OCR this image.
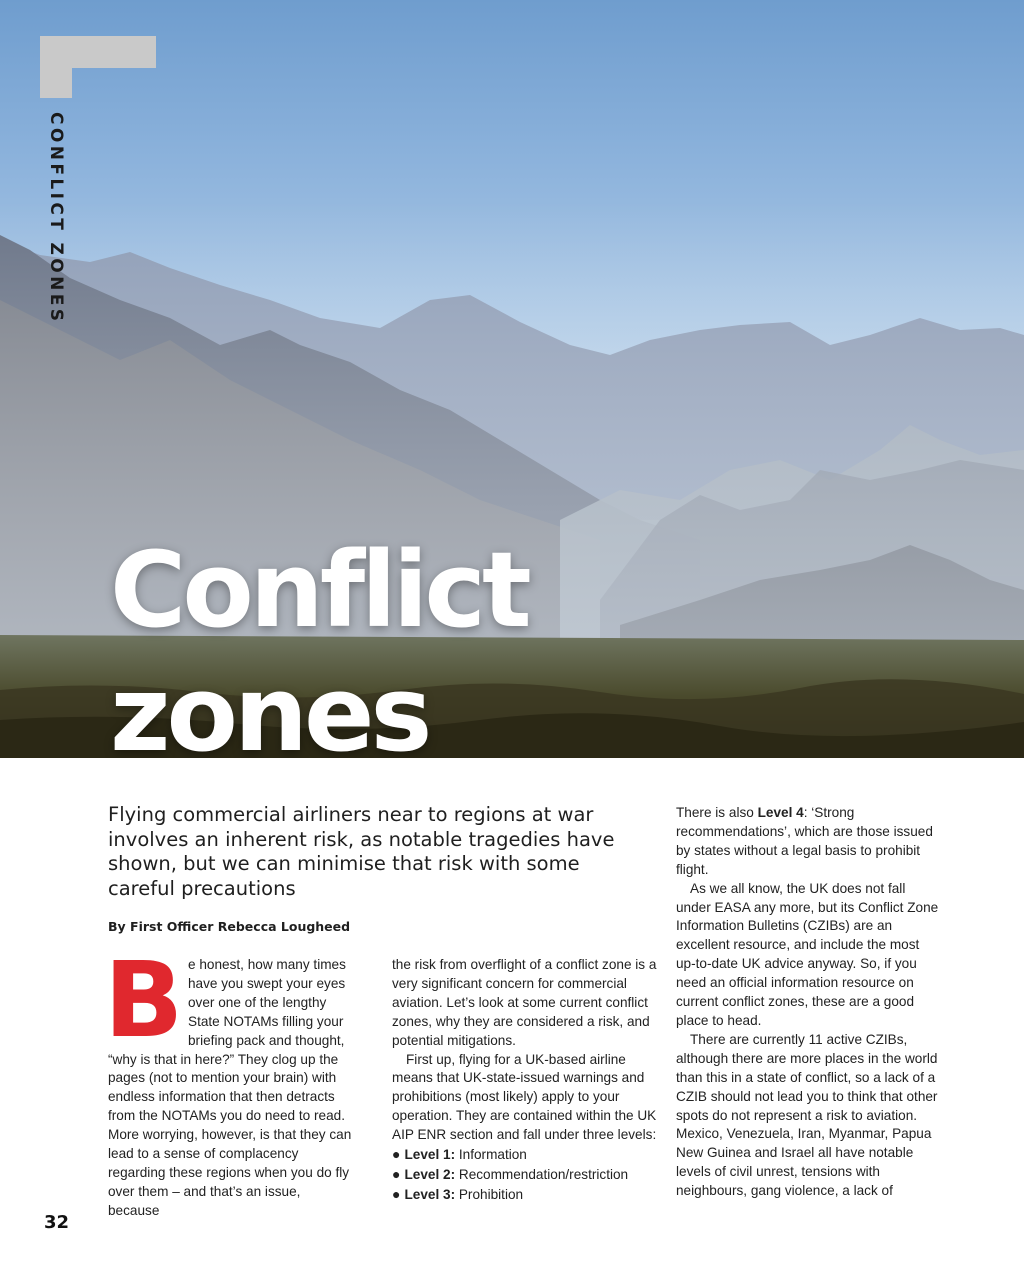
CONFLICT ZONES
Conflict
zones

Flying commercial airliners near to regions at war involves an inherent risk, as notable tragedies have shown, but we can minimise that risk with some careful precautions

By First Officer Rebecca Lougheed

B e honest, how many times have you swept your eyes over one of the lengthy State NOTAMs filling your briefing pack and thought, “why is that in here?” They clog up the pages (not to mention your brain) with endless information that then detracts from the NOTAMs you do need to read. More worrying, however, is that they can lead to a sense of complacency regarding these regions when you do fly over them – and that’s an issue, because

the risk from overflight of a conflict zone is a very significant concern for commercial aviation. Let’s look at some current conflict zones, why they are considered a risk, and potential mitigations.

First up, flying for a UK-based airline means that UK-state-issued warnings and prohibitions (most likely) apply to your operation. They are contained within the UK AIP ENR section and fall under three levels:

● Level 1: Information
● Level 2: Recommendation/restriction
● Level 3: Prohibition

There is also Level 4: ‘Strong recommendations’, which are those issued by states without a legal basis to prohibit flight.

As we all know, the UK does not fall under EASA any more, but its Conflict Zone Information Bulletins (CZIBs) are an excellent resource, and include the most up-to-date UK advice anyway. So, if you need an official information resource on current conflict zones, these are a good place to head.

There are currently 11 active CZIBs, although there are more places in the world than this in a state of conflict, so a lack of a CZIB should not lead you to think that other spots do not represent a risk to aviation. Mexico, Venezuela, Iran, Myanmar, Papua New Guinea and Israel all have notable levels of civil unrest, tensions with neighbours, gang violence, a lack of

32
